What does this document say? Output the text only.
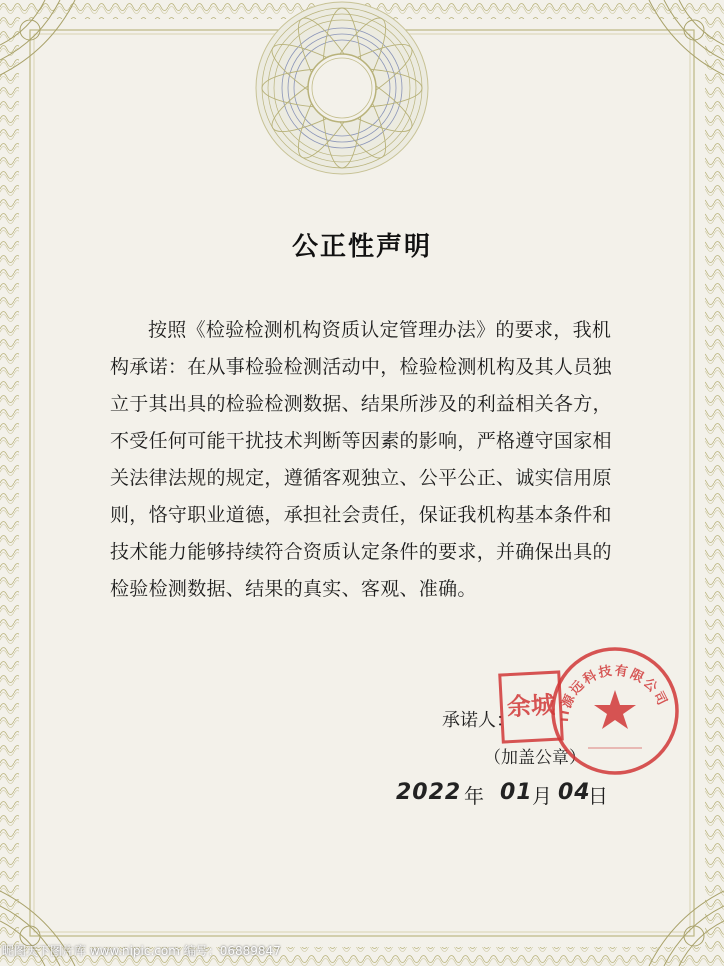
公正性声明
按照《检验检测机构资质认定管理办法》的要求，我机
构承诺：在从事检验检测活动中，检验检测机构及其人员独
立于其出具的检验检测数据、结果所涉及的利益相关各方，
不受任何可能干扰技术判断等因素的影响，严格遵守国家相
关法律法规的规定，遵循客观独立、公平公正、诚实信用原
则，恪守职业道德，承担社会责任，保证我机构基本条件和
技术能力能够持续符合资质认定条件的要求，并确保出具的
检验检测数据、结果的真实、客观、准确。
承诺人：
（加盖公章）
2022 年 01 月 04
日
余城 ıı源远科技有限公司
昵图天下图片库 www.nipic.com 编号：06889847
